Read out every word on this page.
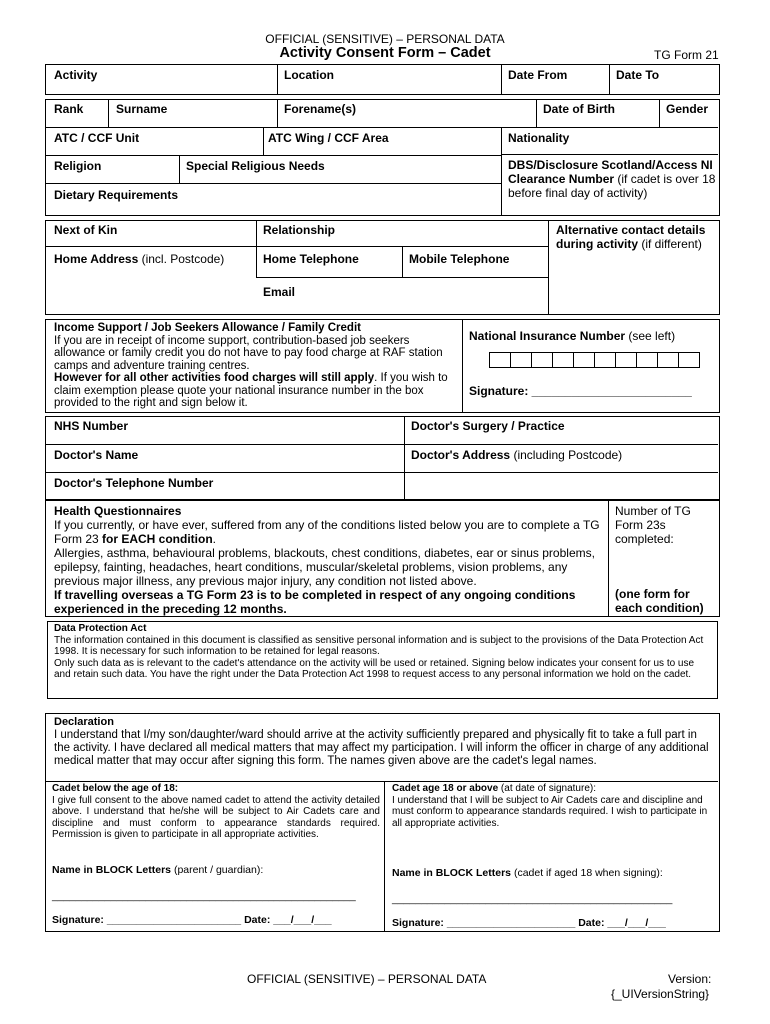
OFFICIAL (SENSITIVE) – PERSONAL DATA
Activity Consent Form – Cadet	TG Form 21
Activity	Location	Date From	Date To
Rank	Surname	Forename(s)	Date of Birth	Gender
ATC / CCF Unit	ATC Wing / CCF Area	Nationality
Religion	Special Religious Needs	DBS/Disclosure Scotland/Access NI Clearance Number (if cadet is over 18 before final day of activity)
Dietary Requirements
Next of Kin	Relationship
Home Address (incl. Postcode)	Home Telephone	Mobile Telephone
Email
Alternative contact details during activity (if different)
Income Support / Job Seekers Allowance / Family Credit
If you are in receipt of income support, contribution-based job seekers allowance or family credit you do not have to pay food charge at RAF station camps and adventure training centres.
However for all other activities food charges will still apply. If you wish to claim exemption please quote your national insurance number in the box provided to the right and sign below it.
National Insurance Number (see left)
Signature: ________________________
NHS Number	Doctor's Surgery / Practice
Doctor's Name	Doctor's Address (including Postcode)
Doctor's Telephone Number
Health Questionnaires
If you currently, or have ever, suffered from any of the conditions listed below you are to complete a TG Form 23 for EACH condition.
Allergies, asthma, behavioural problems, blackouts, chest conditions, diabetes, ear or sinus problems, epilepsy, fainting, headaches, heart conditions, muscular/skeletal problems, vision problems, any previous major illness, any previous major injury, any condition not listed above.
If travelling overseas a TG Form 23 is to be completed in respect of any ongoing conditions experienced in the preceding 12 months.
Number of TG Form 23s completed:
(one form for each condition)
Data Protection Act
The information contained in this document is classified as sensitive personal information and is subject to the provisions of the Data Protection Act 1998. It is necessary for such information to be retained for legal reasons.
Only such data as is relevant to the cadet's attendance on the activity will be used or retained. Signing below indicates your consent for us to use and retain such data. You have the right under the Data Protection Act 1998 to request access to any personal information we hold on the cadet.
Declaration
I understand that I/my son/daughter/ward should arrive at the activity sufficiently prepared and physically fit to take a full part in the activity. I have declared all medical matters that may affect my participation. I will inform the officer in charge of any additional medical matter that may occur after signing this form. The names given above are the cadet's legal names.
Cadet below the age of 18:
I give full consent to the above named cadet to attend the activity detailed above. I understand that he/she will be subject to Air Cadets care and discipline and must conform to appearance standards required. Permission is given to participate in all appropriate activities.
Cadet age 18 or above (at date of signature):
I understand that I will be subject to Air Cadets care and discipline and must conform to appearance standards required. I wish to participate in all appropriate activities.
Name in BLOCK Letters (parent / guardian):	Name in BLOCK Letters (cadet if aged 18 when signing):
____________________________________________________	________________________________________________
Signature: _______________________ Date: ___/___/___	Signature: ______________________ Date: ___/___/___
OFFICIAL (SENSITIVE) – PERSONAL DATA	Version:
{_UIVersionString}
